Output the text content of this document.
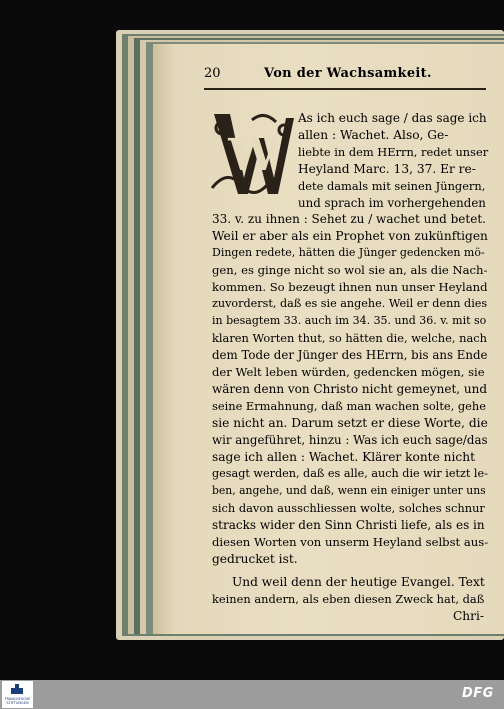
20	Von der Wachsamkeit.
W
As ich euch sage / das sage ich
allen : Wachet. Also, Ge-
liebte in dem HErrn, redet unser
Heyland Marc. 13, 37. Er re-
dete damals mit seinen Jüngern,
und sprach im vorhergehenden
33. v. zu ihnen : Sehet zu / wachet und betet.
Weil er aber als ein Prophet von zukünftigen
Dingen redete, hätten die Jünger gedencken mö-
gen, es ginge nicht so wol sie an, als die Nach-
kommen. So bezeugt ihnen nun unser Heyland
zuvorderst, daß es sie angehe. Weil er denn dies
in besagtem 33. auch im 34. 35. und 36. v. mit so
klaren Worten thut, so hätten die, welche, nach
dem Tode der Jünger des HErrn, bis ans Ende
der Welt leben würden, gedencken mögen, sie
wären denn von Christo nicht gemeynet, und
seine Ermahnung, daß man wachen solte, gehe
sie nicht an. Darum setzt er diese Worte, die
wir angeführet, hinzu : Was ich euch sage/das
sage ich allen : Wachet. Klärer konte nicht
gesagt werden, daß es alle, auch die wir ietzt le-
ben, angehe, und daß, wenn ein einiger unter uns
sich davon ausschliessen wolte, solches schnur
stracks wider den Sinn Christi liefe, als es in
diesen Worten von unserm Heyland selbst aus-
gedrucket ist.
Und weil denn der heutige Evangel. Text
keinen andern, als eben diesen Zweck hat, daß
Chri-
FRANCKESCHE STIFTUNGEN
DFG
